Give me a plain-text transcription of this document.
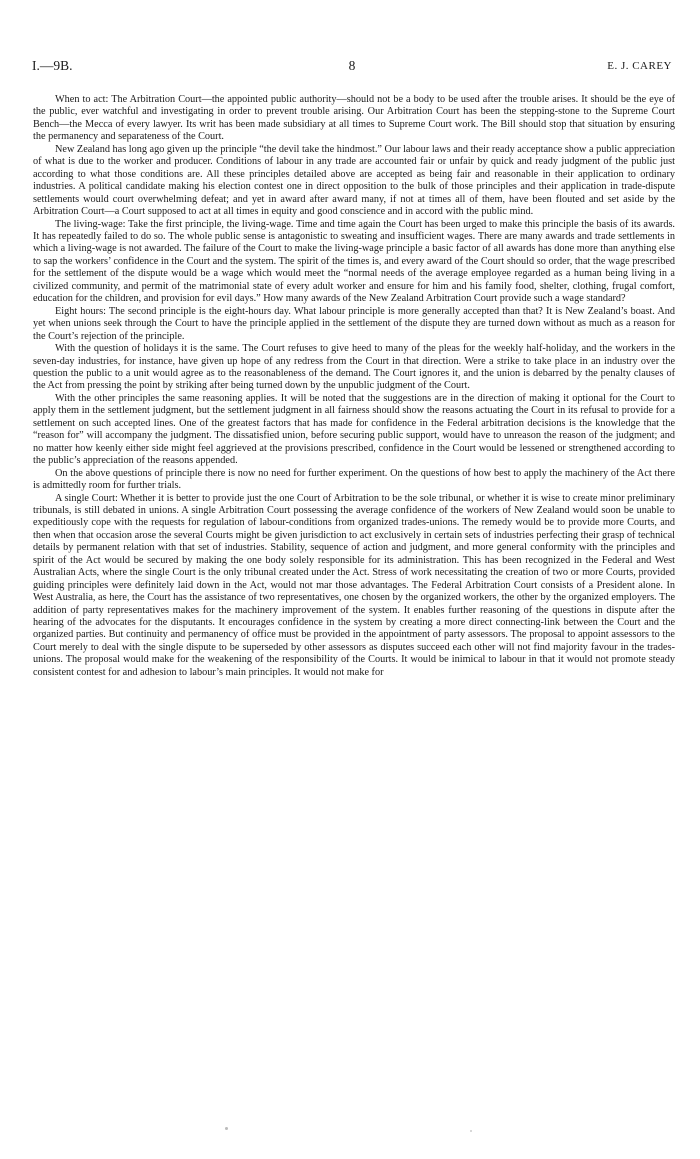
I.—9B.	8	E. J. CAREY

When to act: The Arbitration Court—the appointed public authority—should not be a body to be used after the trouble arises. It should be the eye of the public, ever watchful and investigating in order to prevent trouble arising. Our Arbitration Court has been the stepping-stone to the Supreme Court Bench—the Mecca of every lawyer. Its writ has been made subsidiary at all times to Supreme Court work. The Bill should stop that situation by ensuring the permanency and separateness of the Court.

New Zealand has long ago given up the principle “the devil take the hindmost.” Our labour laws and their ready acceptance show a public appreciation of what is due to the worker and producer. Conditions of labour in any trade are accounted fair or unfair by quick and ready judgment of the public just according to what those conditions are. All these principles detailed above are accepted as being fair and reasonable in their application to ordinary industries. A political candidate making his election contest one in direct opposition to the bulk of those principles and their application in trade-dispute settlements would court overwhelming defeat; and yet in award after award many, if not at times all of them, have been flouted and set aside by the Arbitration Court—a Court supposed to act at all times in equity and good conscience and in accord with the public mind.

The living-wage: Take the first principle, the living-wage. Time and time again the Court has been urged to make this principle the basis of its awards. It has repeatedly failed to do so. The whole public sense is antagonistic to sweating and insufficient wages. There are many awards and trade settlements in which a living-wage is not awarded. The failure of the Court to make the living-wage principle a basic factor of all awards has done more than anything else to sap the workers’ confidence in the Court and the system. The spirit of the times is, and every award of the Court should so order, that the wage prescribed for the settlement of the dispute would be a wage which would meet the “normal needs of the average employee regarded as a human being living in a civilized community, and permit of the matrimonial state of every adult worker and ensure for him and his family food, shelter, clothing, frugal comfort, education for the children, and provision for evil days.” How many awards of the New Zealand Arbitration Court provide such a wage standard?

Eight hours: The second principle is the eight-hours day. What labour principle is more generally accepted than that? It is New Zealand’s boast. And yet when unions seek through the Court to have the principle applied in the settlement of the dispute they are turned down without as much as a reason for the Court’s rejection of the principle.

With the question of holidays it is the same. The Court refuses to give heed to many of the pleas for the weekly half-holiday, and the workers in the seven-day industries, for instance, have given up hope of any redress from the Court in that direction. Were a strike to take place in an industry over the question the public to a unit would agree as to the reasonableness of the demand. The Court ignores it, and the union is debarred by the penalty clauses of the Act from pressing the point by striking after being turned down by the unpublic judgment of the Court.

With the other principles the same reasoning applies. It will be noted that the suggestions are in the direction of making it optional for the Court to apply them in the settlement judgment, but the settlement judgment in all fairness should show the reasons actuating the Court in its refusal to provide for a settlement on such accepted lines. One of the greatest factors that has made for confidence in the Federal arbitration decisions is the knowledge that the “reason for” will accompany the judgment. The dissatisfied union, before securing public support, would have to unreason the reason of the judgment; and no matter how keenly either side might feel aggrieved at the provisions prescribed, confidence in the Court would be lessened or strengthened according to the public’s appreciation of the reasons appended.

On the above questions of principle there is now no need for further experiment. On the questions of how best to apply the machinery of the Act there is admittedly room for further trials.

A single Court: Whether it is better to provide just the one Court of Arbitration to be the sole tribunal, or whether it is wise to create minor preliminary tribunals, is still debated in unions. A single Arbitration Court possessing the average confidence of the workers of New Zealand would soon be unable to expeditiously cope with the requests for regulation of labour-conditions from organized trades-unions. The remedy would be to provide more Courts, and then when that occasion arose the several Courts might be given jurisdiction to act exclusively in certain sets of industries perfecting their grasp of technical details by permanent relation with that set of industries. Stability, sequence of action and judgment, and more general conformity with the principles and spirit of the Act would be secured by making the one body solely responsible for its administration. This has been recognized in the Federal and West Australian Acts, where the single Court is the only tribunal created under the Act. Stress of work necessitating the creation of two or more Courts, provided guiding principles were definitely laid down in the Act, would not mar those advantages. The Federal Arbitration Court consists of a President alone. In West Australia, as here, the Court has the assistance of two representatives, one chosen by the organized workers, the other by the organized employers. The addition of party representatives makes for the machinery improvement of the system. It enables further reasoning of the questions in dispute after the hearing of the advocates for the disputants. It encourages confidence in the system by creating a more direct connecting-link between the Court and the organized parties. But continuity and permanency of office must be provided in the appointment of party assessors. The proposal to appoint assessors to the Court merely to deal with the single dispute to be superseded by other assessors as disputes succeed each other will not find majority favour in the trades-unions. The proposal would make for the weakening of the responsibility of the Courts. It would be inimical to labour in that it would not promote steady consistent contest for and adhesion to labour’s main principles. It would not make for
